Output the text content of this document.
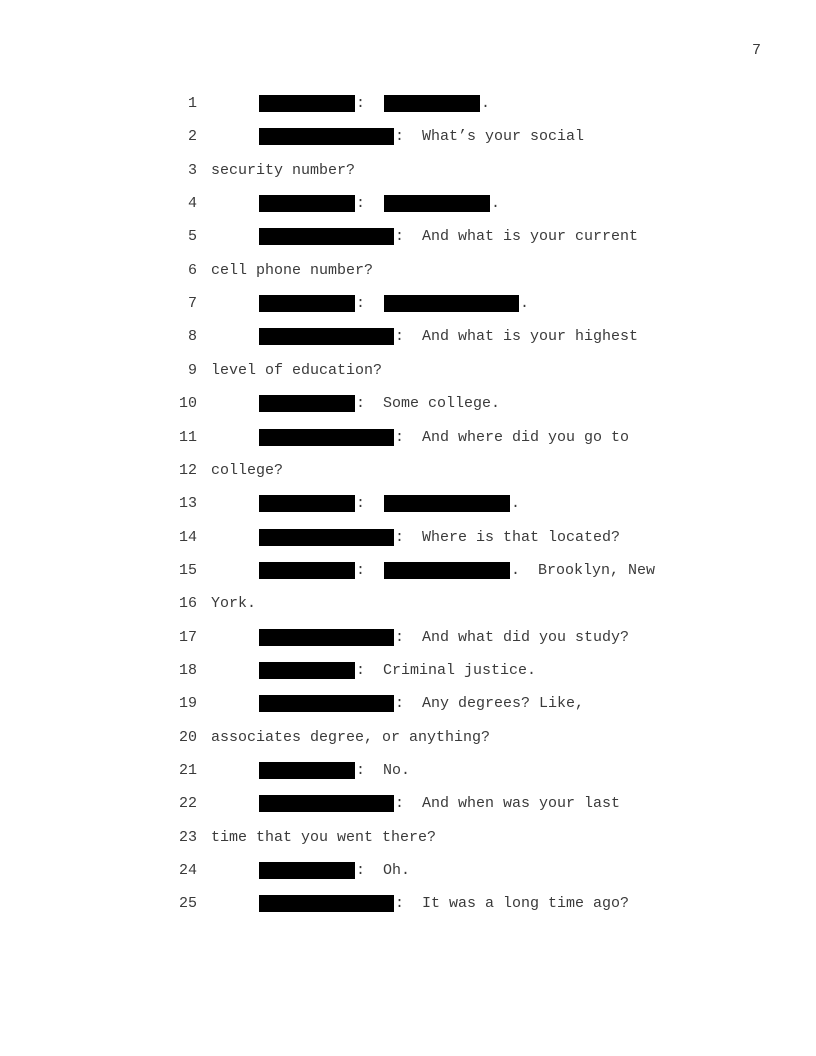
7
1	:	.
2	:  What’s your social
3 security number?
4	:	.
5	:  And what is your current
6 cell phone number?
7	:	.
8	:  And what is your highest
9 level of education?
10	:  Some college.
11	:  And where did you go to
12 college?
13	:	.
14	:  Where is that located?
15	:	.  Brooklyn, New
16 York.
17	:  And what did you study?
18	:  Criminal justice.
19	:  Any degrees? Like,
20 associates degree, or anything?
21	:  No.
22	:  And when was your last
23 time that you went there?
24	:  Oh.
25	:  It was a long time ago?
